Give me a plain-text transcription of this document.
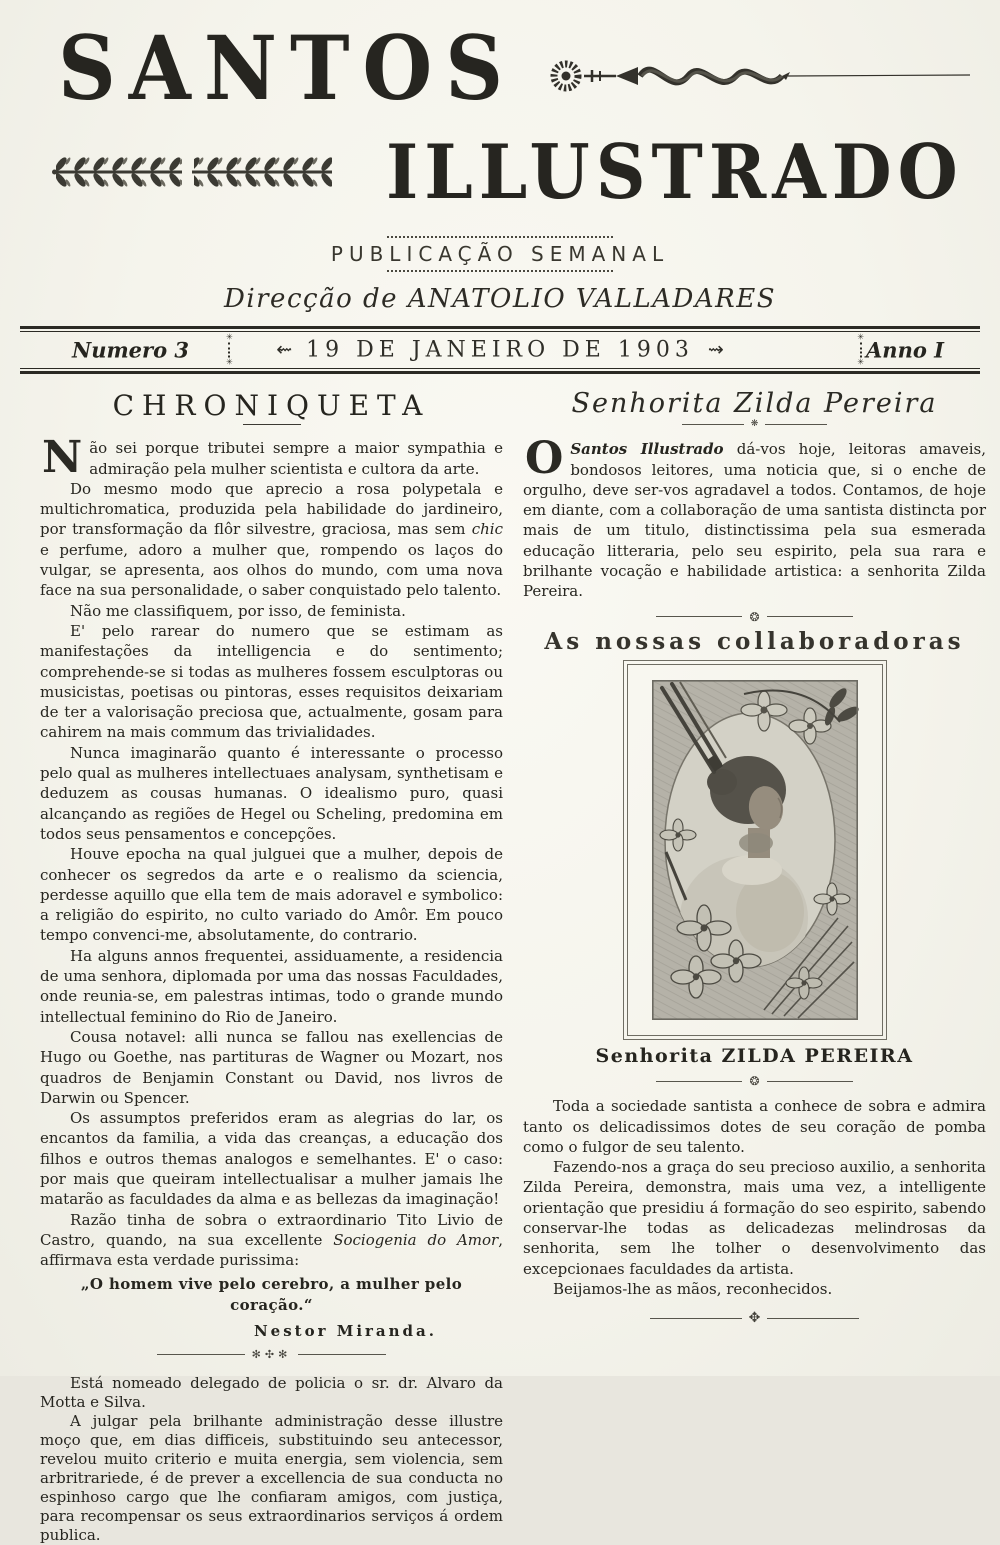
SANTOS
ILLUSTRADO
PUBLICAÇÃO SEMANAL
Direcção de ANATOLIO VALLADARES
Numero 3
✳
✳
⇜ 19 DE JANEIRO DE 1903 ⇝
✳
✳ Anno I
CHRONIQUETA

Não sei porque tributei sempre a maior sympathia e admiração pela mulher scientista e cultora da arte.

Do mesmo modo que aprecio a rosa polypetala e multichromatica, produzida pela habilidade do jardineiro, por transformação da flôr silvestre, graciosa, mas sem chic e perfume, adoro a mulher que, rompendo os laços do vulgar, se apresenta, aos olhos do mundo, com uma nova face na sua personalidade, o saber conquistado pelo talento.

Não me classifiquem, por isso, de feminista.

E' pelo rarear do numero que se estimam as manifestações da intelligencia e do sentimento; comprehende-se si todas as mulheres fossem esculptoras ou musicistas, poetisas ou pintoras, esses requisitos deixariam de ter a valorisação preciosa que, actualmente, gosam para cahirem na mais commum das trivialidades.

Nunca imaginarão quanto é interessante o processo pelo qual as mulheres intellectuaes analysam, synthetisam e deduzem as cousas humanas. O idealismo puro, quasi alcançando as regiões de Hegel ou Scheling, predomina em todos seus pensamentos e concepções.

Houve epocha na qual julguei que a mulher, depois de conhecer os segredos da arte e o realismo da sciencia, perdesse aquillo que ella tem de mais adoravel e symbolico: a religião do espirito, no culto variado do Amôr. Em pouco tempo convenci-me, absolutamente, do contrario.

Ha alguns annos frequentei, assiduamente, a residencia de uma senhora, diplomada por uma das nossas Faculdades, onde reunia-se, em palestras intimas, todo o grande mundo intellectual feminino do Rio de Janeiro.

Cousa notavel: alli nunca se fallou nas exellencias de Hugo ou Goethe, nas partituras de Wagner ou Mozart, nos quadros de Benjamin Constant ou David, nos livros de Darwin ou Spencer.

Os assumptos preferidos eram as alegrias do lar, os encantos da familia, a vida das creanças, a educação dos filhos e outros themas analogos e semelhantes. E' o caso: por mais que queiram intellectualisar a mulher jamais lhe matarão as faculdades da alma e as bellezas da imaginação!

Razão tinha de sobra o extraordinario Tito Livio de Castro, quando, na sua excellente Sociogenia do Amor, affirmava esta verdade purissima:

„O homem vive pelo cerebro, a mulher pelo coração.“

Nestor Miranda.

✻✣✻

Está nomeado delegado de policia o sr. dr. Alvaro da Motta e Silva.

A julgar pela brilhante administração desse illustre moço que, em dias difficeis, substituindo seu antecessor, revelou muito criterio e muita energia, sem violencia, sem arbritrariede, é de prever a excellencia de sua conducta no espinhoso cargo que lhe confiaram amigos, com justiça, para recompensar os seus extraordinarios serviços á ordem publica.

Senhorita Zilda Pereira
❋

O Santos Illustrado dá-vos hoje, leitoras amaveis, bondosos leitores, uma noticia que, si o enche de orgulho, deve ser-vos agradavel a todos. Contamos, de hoje em diante, com a collaboração de uma santista distincta por mais de um titulo, distinctissima pela sua esmerada educação litteraria, pelo seu espirito, pela sua rara e brilhante vocação e habilidade artistica: a senhorita Zilda Pereira.

❂
As nossas collaboradoras
Senhorita ZILDA PEREIRA
❂

Toda a sociedade santista a conhece de sobra e admira tanto os delicadissimos dotes de seu coração de pomba como o fulgor de seu talento.

Fazendo-nos a graça do seu precioso auxilio, a senhorita Zilda Pereira, demonstra, mais uma vez, a intelligente orientação que presidiu á formação do seo espirito, sabendo conservar-lhe todas as delicadezas melindrosas da senhorita, sem lhe tolher o desenvolvimento das excepcionaes faculdades da artista.

Beijamos-lhe as mãos, reconhecidos.

✥
